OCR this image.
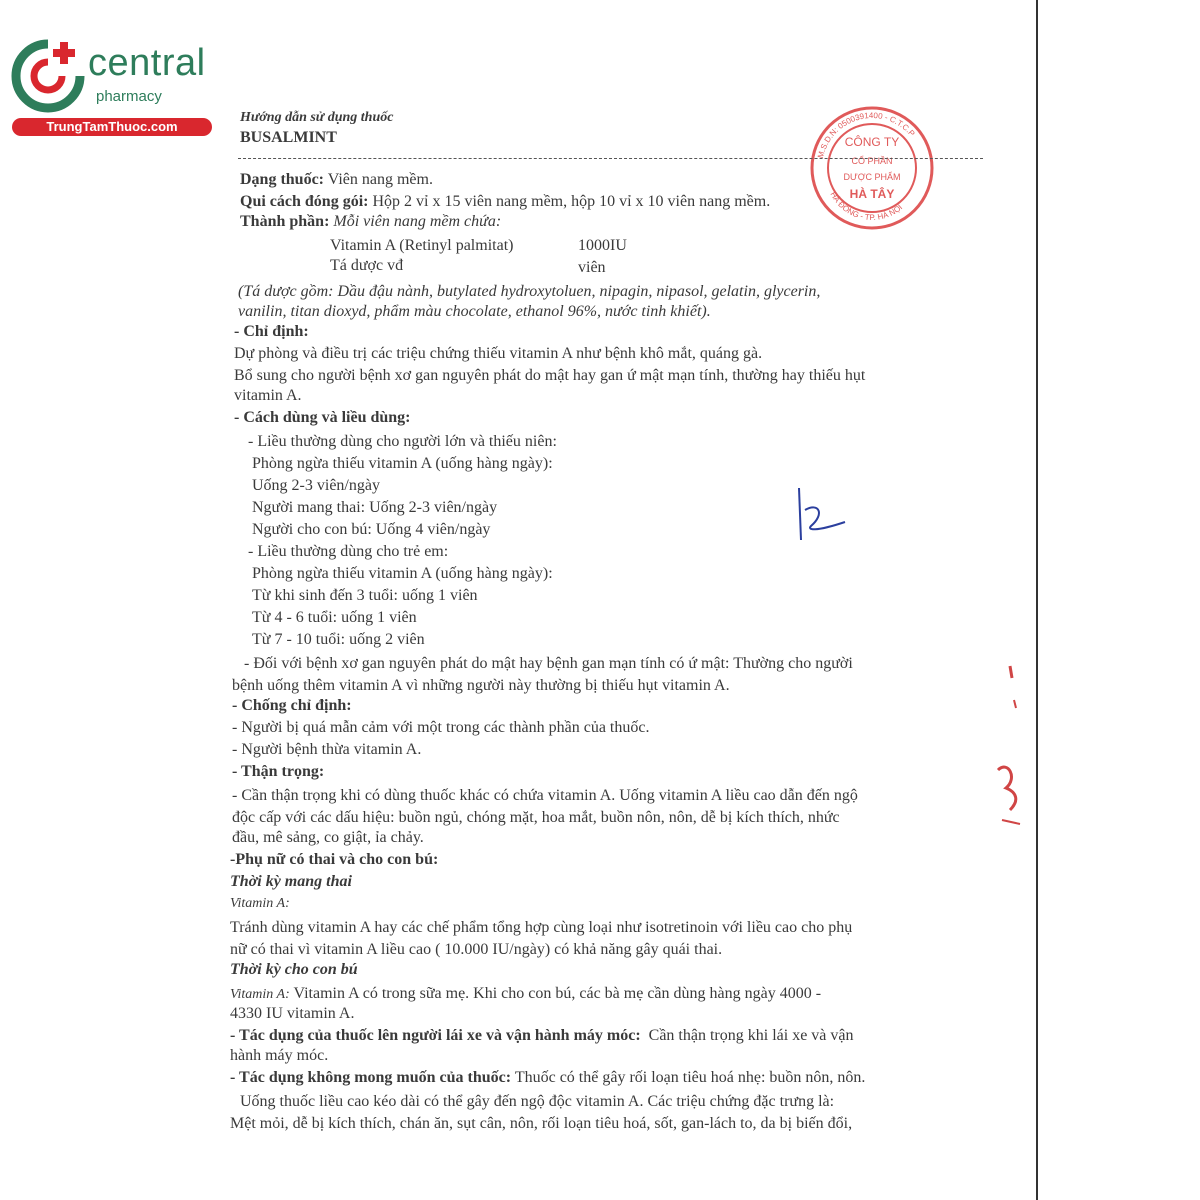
central
pharmacy
TrungTamThuoc.com
CÔNG TY
CỔ PHẦN
DƯỢC PHẨM
HÀ TÂY
M.S.D.N: 0500391400 - C.T.C.P
HÀ ĐÔNG - TP. HÀ NỘI
Hướng dẫn sử dụng thuốc
BUSALMINT
Dạng thuốc: Viên nang mềm.
Qui cách đóng gói: Hộp 2 vỉ x 15 viên nang mềm, hộp 10 vỉ x 10 viên nang mềm.
Thành phần: Mỗi viên nang mềm chứa:
Vitamin A (Retinyl palmitat)	1000IU
Tá dược vđ	viên
(Tá dược gồm: Dầu đậu nành, butylated hydroxytoluen, nipagin, nipasol, gelatin, glycerin,
vanilin, titan dioxyd, phẩm màu chocolate, ethanol 96%, nước tinh khiết).
- Chỉ định:
Dự phòng và điều trị các triệu chứng thiếu vitamin A như bệnh khô mắt, quáng gà.
Bổ sung cho người bệnh xơ gan nguyên phát do mật hay gan ứ mật mạn tính, thường hay thiếu hụt
vitamin A.
- Cách dùng và liều dùng:
- Liều thường dùng cho người lớn và thiếu niên:
Phòng ngừa thiếu vitamin A (uống hàng ngày):
Uống 2-3 viên/ngày
Người mang thai: Uống 2-3 viên/ngày
Người cho con bú: Uống 4 viên/ngày
- Liều thường dùng cho trẻ em:
Phòng ngừa thiếu vitamin A (uống hàng ngày):
Từ khi sinh đến 3 tuổi: uống 1 viên
Từ 4 - 6 tuổi: uống 1 viên
Từ 7 - 10 tuổi: uống 2 viên
- Đối với bệnh xơ gan nguyên phát do mật hay bệnh gan mạn tính có ứ mật: Thường cho người
bệnh uống thêm vitamin A vì những người này thường bị thiếu hụt vitamin A.
- Chống chỉ định:
- Người bị quá mẫn cảm với một trong các thành phần của thuốc.
- Người bệnh thừa vitamin A.
- Thận trọng:
- Cần thận trọng khi có dùng thuốc khác có chứa vitamin A. Uống vitamin A liều cao dẫn đến ngộ
độc cấp với các dấu hiệu: buồn ngủ, chóng mặt, hoa mắt, buồn nôn, nôn, dễ bị kích thích, nhức
đầu, mê sảng, co giật, ỉa chảy.
-Phụ nữ có thai và cho con bú:
Thời kỳ mang thai
Vitamin A:
Tránh dùng vitamin A hay các chế phẩm tổng hợp cùng loại như isotretinoin với liều cao cho phụ
nữ có thai vì vitamin A liều cao ( 10.000 IU/ngày) có khả năng gây quái thai.
Thời kỳ cho con bú
Vitamin A: Vitamin A có trong sữa mẹ. Khi cho con bú, các bà mẹ cần dùng hàng ngày 4000 -
4330 IU vitamin A.
- Tác dụng của thuốc lên người lái xe và vận hành máy móc: Cần thận trọng khi lái xe và vận
hành máy móc.
- Tác dụng không mong muốn của thuốc: Thuốc có thể gây rối loạn tiêu hoá nhẹ: buồn nôn, nôn.
Uống thuốc liều cao kéo dài có thể gây đến ngộ độc vitamin A. Các triệu chứng đặc trưng là:
Mệt mỏi, dễ bị kích thích, chán ăn, sụt cân, nôn, rối loạn tiêu hoá, sốt, gan-lách to, da bị biến đổi,
